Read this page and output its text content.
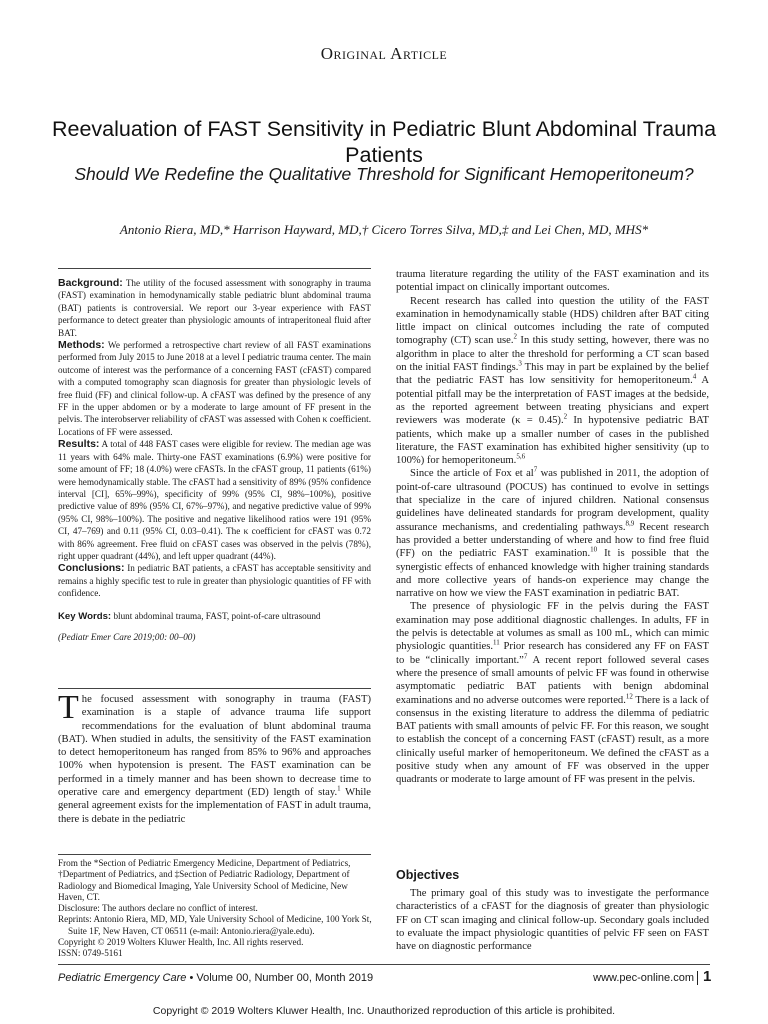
Original Article
Reevaluation of FAST Sensitivity in Pediatric Blunt Abdominal Trauma Patients
Should We Redefine the Qualitative Threshold for Significant Hemoperitoneum?
Antonio Riera, MD,* Harrison Hayward, MD,† Cicero Torres Silva, MD,‡ and Lei Chen, MD, MHS*

Background: The utility of the focused assessment with sonography in trauma (FAST) examination in hemodynamically stable pediatric blunt abdominal trauma (BAT) patients is controversial. We report our 3-year experience with FAST performance to detect greater than physiologic amounts of intraperitoneal fluid after BAT.

Methods: We performed a retrospective chart review of all FAST examinations performed from July 2015 to June 2018 at a level I pediatric trauma center. The main outcome of interest was the performance of a concerning FAST (cFAST) compared with a computed tomography scan diagnosis for greater than physiologic levels of free fluid (FF) and clinical follow-up. A cFAST was defined by the presence of any FF in the upper abdomen or by a moderate to large amount of FF present in the pelvis. The interobserver reliability of cFAST was assessed with Cohen κ coefficient. Locations of FF were assessed.

Results: A total of 448 FAST cases were eligible for review. The median age was 11 years with 64% male. Thirty-one FAST examinations (6.9%) were positive for some amount of FF; 18 (4.0%) were cFASTs. In the cFAST group, 11 patients (61%) were hemodynamically stable. The cFAST had a sensitivity of 89% (95% confidence interval [CI], 65%–99%), specificity of 99% (95% CI, 98%–100%), positive predictive value of 89% (95% CI, 67%–97%), and negative predictive value of 99% (95% CI, 98%–100%). The positive and negative likelihood ratios were 191 (95% CI, 47–769) and 0.11 (95% CI, 0.03–0.41). The κ coefficient for cFAST was 0.72 with 86% agreement. Free fluid on cFAST cases was observed in the pelvis (78%), right upper quadrant (44%), and left upper quadrant (44%).

Conclusions: In pediatric BAT patients, a cFAST has acceptable sensitivity and remains a highly specific test to rule in greater than physiologic quantities of FF with confidence.

Key Words: blunt abdominal trauma, FAST, point-of-care ultrasound

(Pediatr Emer Care 2019;00: 00–00)

The focused assessment with sonography in trauma (FAST) examination is a staple of advance trauma life support recommendations for the evaluation of blunt abdominal trauma (BAT). When studied in adults, the sensitivity of the FAST examination to detect hemoperitoneum has ranged from 85% to 96% and approaches 100% when hypotension is present. The FAST examination can be performed in a timely manner and has been shown to decrease time to operative care and emergency department (ED) length of stay.$^1$ While general agreement exists for the implementation of FAST in adult trauma, there is debate in the pediatric

From the *Section of Pediatric Emergency Medicine, Department of Pediatrics, †Department of Pediatrics, and ‡Section of Pediatric Radiology, Department of Radiology and Biomedical Imaging, Yale University School of Medicine, New Haven, CT.

Disclosure: The authors declare no conflict of interest.

Reprints: Antonio Riera, MD, MD, Yale University School of Medicine, 100 York St,

Suite 1F, New Haven, CT 06511 (e-mail: Antonio.riera@yale.edu).

Copyright © 2019 Wolters Kluwer Health, Inc. All rights reserved.

ISSN: 0749-5161

trauma literature regarding the utility of the FAST examination and its potential impact on clinically important outcomes.

Recent research has called into question the utility of the FAST examination in hemodynamically stable (HDS) children after BAT citing little impact on clinical outcomes including the rate of computed tomography (CT) scan use.$^2$ In this study setting, however, there was no algorithm in place to alter the threshold for performing a CT scan based on the initial FAST findings.$^3$ This may in part be explained by the belief that the pediatric FAST has low sensitivity for hemoperitoneum.$^4$ A potential pitfall may be the interpretation of FAST images at the bedside, as the reported agreement between treating physicians and expert reviewers was moderate (κ = 0.45).$^2$ In hypotensive pediatric BAT patients, which make up a smaller number of cases in the published literature, the FAST examination has exhibited higher sensitivity (up to 100%) for hemoperitoneum.$^{5,6}$

Since the article of Fox et $al^7$ was published in 2011, the adoption of point-of-care ultrasound (POCUS) has continued to evolve in settings that specialize in the care of injured children. National consensus guidelines have delineated standards for program development, quality assurance mechanisms, and credentialing pathways.$^{8,9}$ Recent research has provided a better understanding of where and how to find free fluid (FF) on the pediatric FAST examination.$^{10}$ It is possible that the synergistic effects of enhanced knowledge with higher training standards and more collective years of hands-on experience may change the narrative on how we view the FAST examination in pediatric BAT.

The presence of physiologic FF in the pelvis during the FAST examination may pose additional diagnostic challenges. In adults, FF in the pelvis is detectable at volumes as small as 100 mL, which can mimic physiologic quantities.$^{11}$ Prior research has considered any FF on FAST to be “clinically important.”$^7$ A recent report followed several cases where the presence of small amounts of pelvic FF was found in otherwise asymptomatic pediatric BAT patients with benign abdominal examinations and no adverse outcomes were reported.$^{12}$ There is a lack of consensus in the existing literature to address the dilemma of pediatric BAT patients with small amounts of pelvic FF. For this reason, we sought to establish the concept of a concerning FAST (cFAST) result, as a more clinically useful marker of hemoperitoneum. We defined the cFAST as a positive study when any amount of FF was observed in the upper quadrants or moderate to large amount of FF was present in the pelvis.

Objectives

The primary goal of this study was to investigate the performance characteristics of a cFAST for the diagnosis of greater than physiologic FF on CT scan imaging and clinical follow-up. Secondary goals included to evaluate the impact physiologic quantities of pelvic FF seen on FAST have on diagnostic performance

Pediatric Emergency Care • Volume 00, Number 00, Month 2019	www.pec-online.com 1
Copyright © 2019 Wolters Kluwer Health, Inc. Unauthorized reproduction of this article is prohibited.
